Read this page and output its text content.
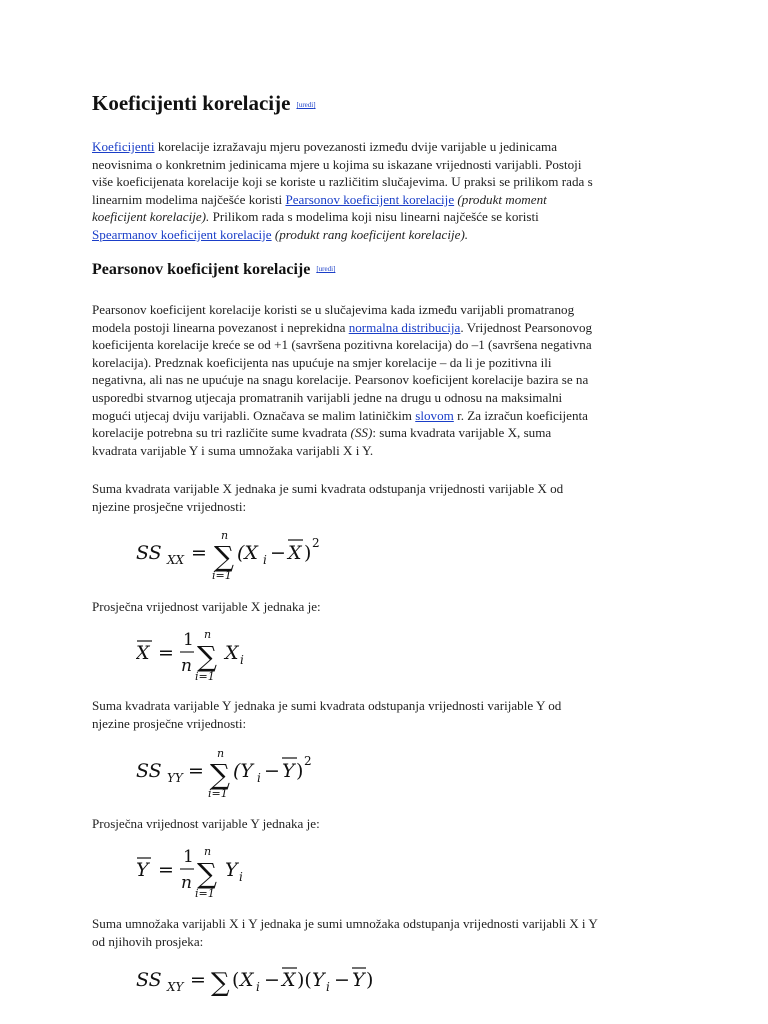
Koeficijenti korelacije [uredi]
Koeficijenti korelacije izražavaju mjeru povezanosti između dvije varijable u jedinicama
neovisnima o konkretnim jedinicama mjere u kojima su iskazane vrijednosti varijabli. Postoji
više koeficijenata korelacije koji se koriste u različitim slučajevima. U praksi se prilikom rada s
linearnim modelima najčešće koristi Pearsonov koeficijent korelacije (produkt moment
koeficijent korelacije). Prilikom rada s modelima koji nisu linearni najčešće se koristi
Spearmanov koeficijent korelacije (produkt rang koeficijent korelacije).
Pearsonov koeficijent korelacije [uredi]
Pearsonov koeficijent korelacije koristi se u slučajevima kada između varijabli promatranog
modela postoji linearna povezanost i neprekidna normalna distribucija. Vrijednost Pearsonovog
koeficijenta korelacije kreće se od +1 (savršena pozitivna korelacija) do –1 (savršena negativna
korelacija). Predznak koeficijenta nas upućuje na smjer korelacije – da li je pozitivna ili
negativna, ali nas ne upućuje na snagu korelacije. Pearsonov koeficijent korelacije bazira se na
usporedbi stvarnog utjecaja promatranih varijabli jedne na drugu u odnosu na maksimalni
mogući utjecaj dviju varijabli. Označava se malim latiničkim slovom r. Za izračun koeficijenta
korelacije potrebna su tri različite sume kvadrata (SS): suma kvadrata varijable X, suma
kvadrata varijable Y i suma umnožaka varijabli X i Y.
Suma kvadrata varijable X jednaka je sumi kvadrata odstupanja vrijednosti varijable X od
njezine prosječne vrijednosti:
SS XX = ∑
n
i=1
(X i − X ) 2
Prosječna vrijednost varijable X jednaka je:
X =
1
n ∑
n
i=1
X i
Suma kvadrata varijable Y jednaka je sumi kvadrata odstupanja vrijednosti varijable Y od
njezine prosječne vrijednosti:
SS YY = ∑
n
i=1
(Y i − Y ) 2
Prosječna vrijednost varijable Y jednaka je:
Y =
1
n ∑
n
i=1
Y i
Suma umnožaka varijabli X i Y jednaka je sumi umnožaka odstupanja vrijednosti varijabli X i Y
od njihovih prosjeka:
SS XY = ∑ ( X i − X )( Y i − Y )
